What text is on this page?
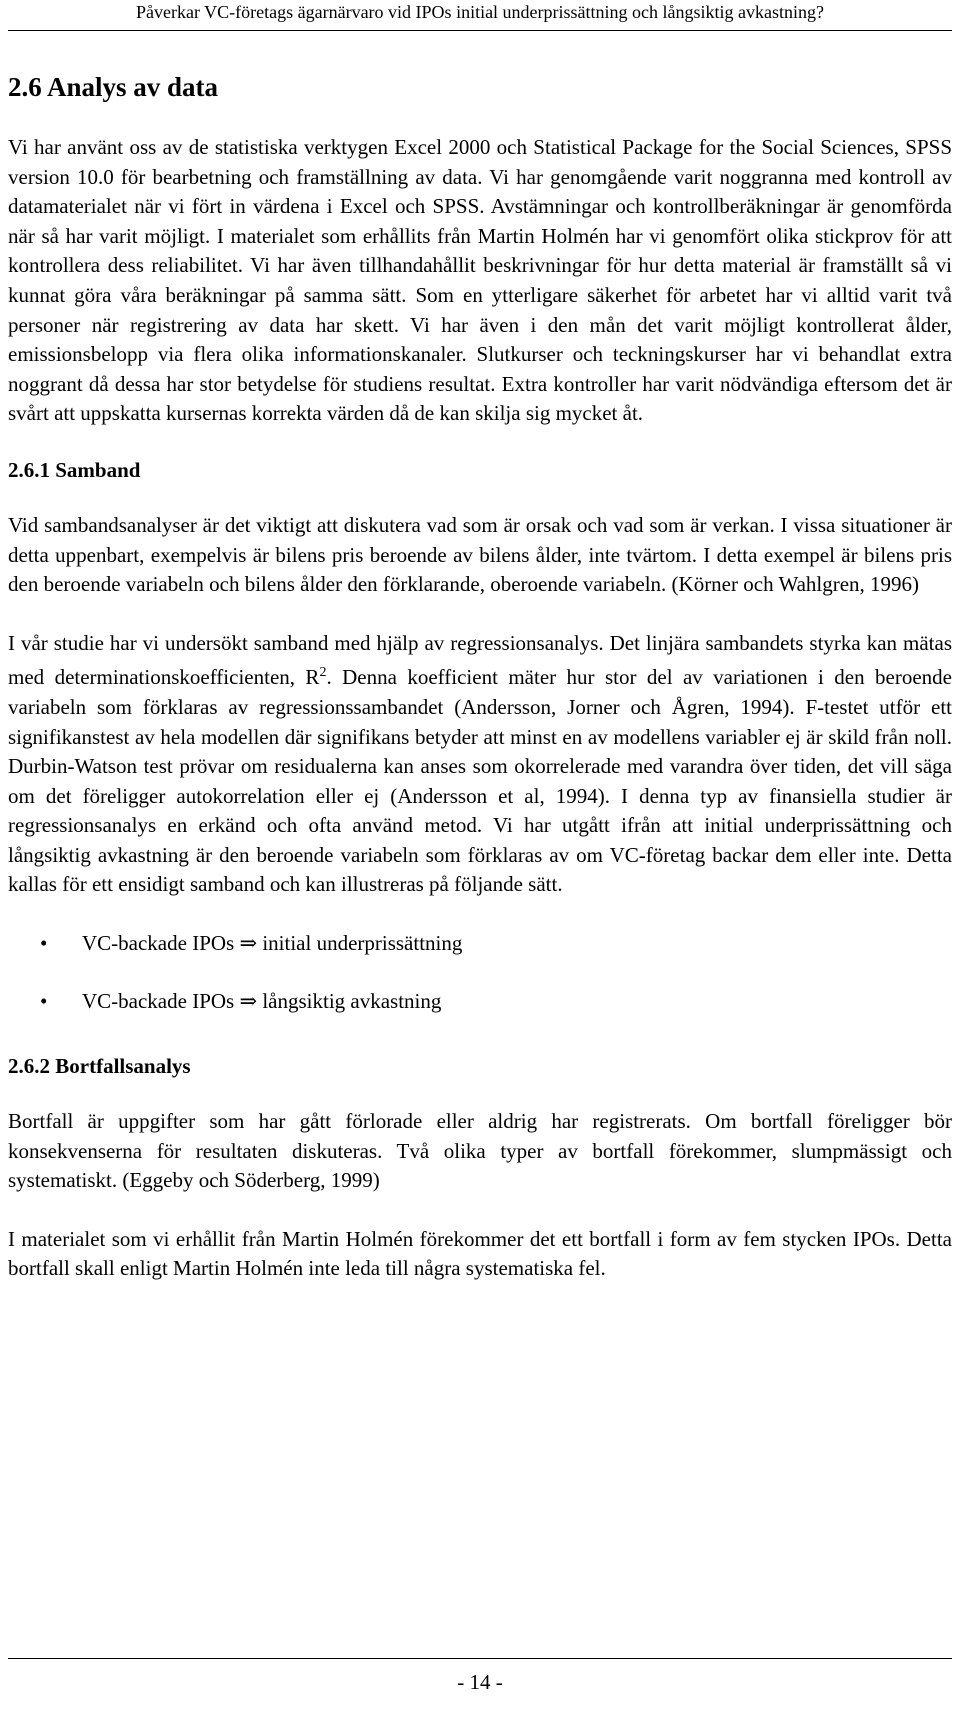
Påverkar VC-företags ägarnärvaro vid IPOs initial underprissättning och långsiktig avkastning?
2.6 Analys av data

Vi har använt oss av de statistiska verktygen Excel 2000 och Statistical Package for the Social Sciences, SPSS version 10.0 för bearbetning och framställning av data. Vi har genomgående varit noggranna med kontroll av datamaterialet när vi fört in värdena i Excel och SPSS. Avstämningar och kontrollberäkningar är genomförda när så har varit möjligt. I materialet som erhållits från Martin Holmén har vi genomfört olika stickprov för att kontrollera dess reliabilitet. Vi har även tillhandahållit beskrivningar för hur detta material är framställt så vi kunnat göra våra beräkningar på samma sätt. Som en ytterligare säkerhet för arbetet har vi alltid varit två personer när registrering av data har skett. Vi har även i den mån det varit möjligt kontrollerat ålder, emissionsbelopp via flera olika informationskanaler. Slutkurser och teckningskurser har vi behandlat extra noggrant då dessa har stor betydelse för studiens resultat. Extra kontroller har varit nödvändiga eftersom det är svårt att uppskatta kursernas korrekta värden då de kan skilja sig mycket åt.

2.6.1 Samband

Vid sambandsanalyser är det viktigt att diskutera vad som är orsak och vad som är verkan. I vissa situationer är detta uppenbart, exempelvis är bilens pris beroende av bilens ålder, inte tvärtom. I detta exempel är bilens pris den beroende variabeln och bilens ålder den förklarande, oberoende variabeln. (Körner och Wahlgren, 1996)

I vår studie har vi undersökt samband med hjälp av regressionsanalys. Det linjära sambandets styrka kan mätas med determinationskoefficienten, $R^2$. Denna koefficient mäter hur stor del av variationen i den beroende variabeln som förklaras av regressionssambandet (Andersson, Jorner och Ågren, 1994). F-testet utför ett signifikanstest av hela modellen där signifikans betyder att minst en av modellens variabler ej är skild från noll. Durbin-Watson test prövar om residualerna kan anses som okorrelerade med varandra över tiden, det vill säga om det föreligger autokorrelation eller ej (Andersson et al, 1994). I denna typ av finansiella studier är regressionsanalys en erkänd och ofta använd metod. Vi har utgått ifrån att initial underprissättning och långsiktig avkastning är den beroende variabeln som förklaras av om VC-företag backar dem eller inte. Detta kallas för ett ensidigt samband och kan illustreras på följande sätt.

• VC-backade IPOs ⇒ initial underprissättning
• VC-backade IPOs ⇒ långsiktig avkastning
2.6.2 Bortfallsanalys

Bortfall är uppgifter som har gått förlorade eller aldrig har registrerats. Om bortfall föreligger bör konsekvenserna för resultaten diskuteras. Två olika typer av bortfall förekommer, slumpmässigt och systematiskt. (Eggeby och Söderberg, 1999)

I materialet som vi erhållit från Martin Holmén förekommer det ett bortfall i form av fem stycken IPOs. Detta bortfall skall enligt Martin Holmén inte leda till några systematiska fel.

- 14 -
